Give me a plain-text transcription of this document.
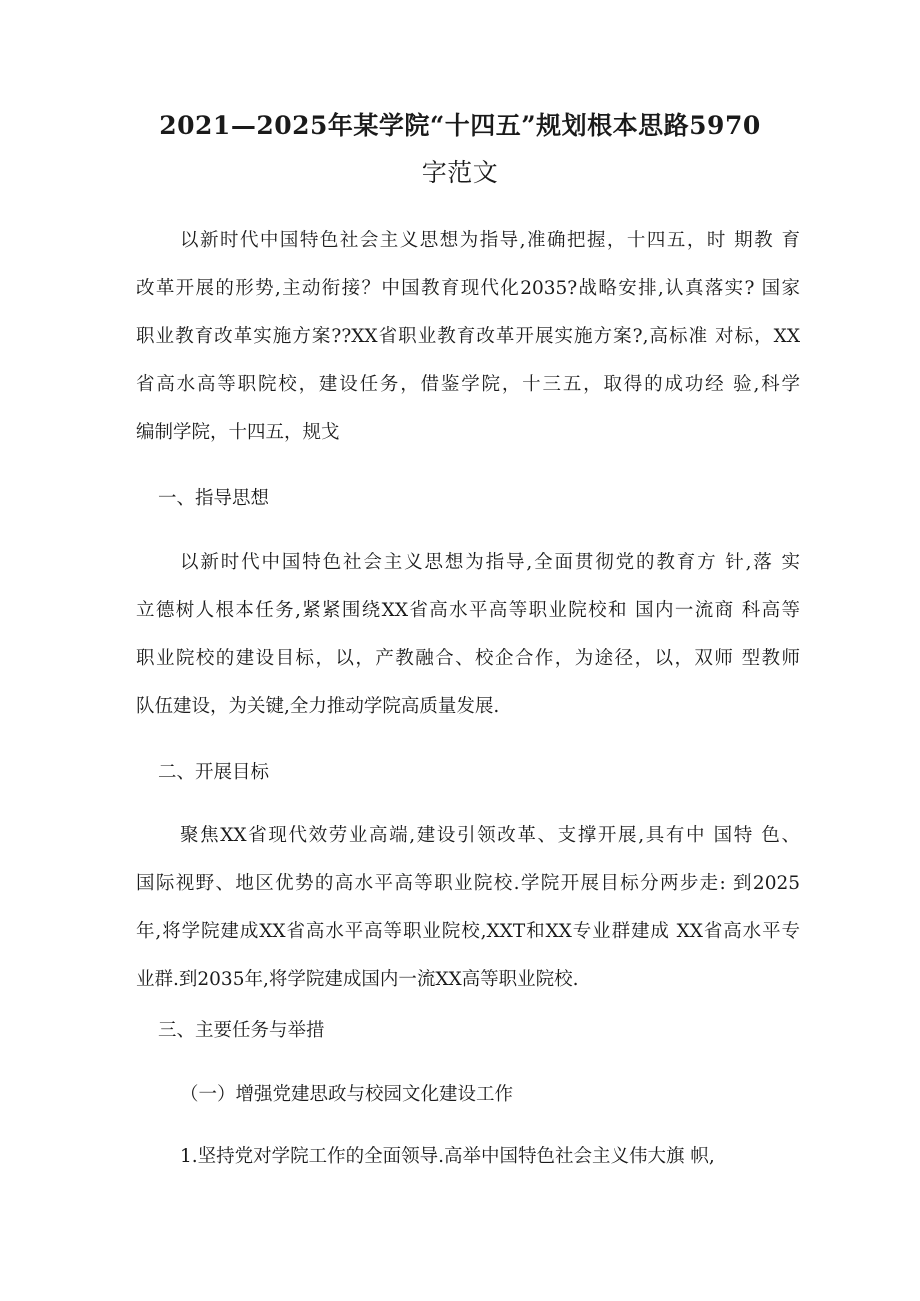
2021—2025年某学院“十四五”规划根本思路5970
字范文
以新时代中国特色社会主义思想为指导,准确把握，十四五，时 期教 育
改革开展的形势,主动衔接？中国教育现代化2035?战略安排,认真落实? 国家
职业教育改革实施方案??XX省职业教育改革开展实施方案?,高标准 对标，XX
省高水高等职院校，建设任务，借鉴学院，十三五，取得的成功经 验,科学
编制学院，十四五，规戈
一、指导思想
以新时代中国特色社会主义思想为指导,全面贯彻党的教育方 针,落 实
立德树人根本任务,紧紧围绕XX省高水平高等职业院校和 国内一流商 科高等
职业院校的建设目标，以，产教融合、校企合作，为途径，以，双师 型教师
队伍建设，为关键,全力推动学院高质量发展.
二、开展目标
聚焦XX省现代效劳业高端,建设引领改革、支撑开展,具有中 国特 色、
国际视野、地区优势的高水平高等职业院校.学院开展目标分两步走: 到2025
年,将学院建成XX省高水平高等职业院校,XXT和XX专业群建成 XX省高水平专
业群.到2035年,将学院建成国内一流XX高等职业院校.
三、主要任务与举措
（一）增强党建思政与校园文化建设工作
1.坚持党对学院工作的全面领导.高举中国特色社会主义伟大旗 帜,
